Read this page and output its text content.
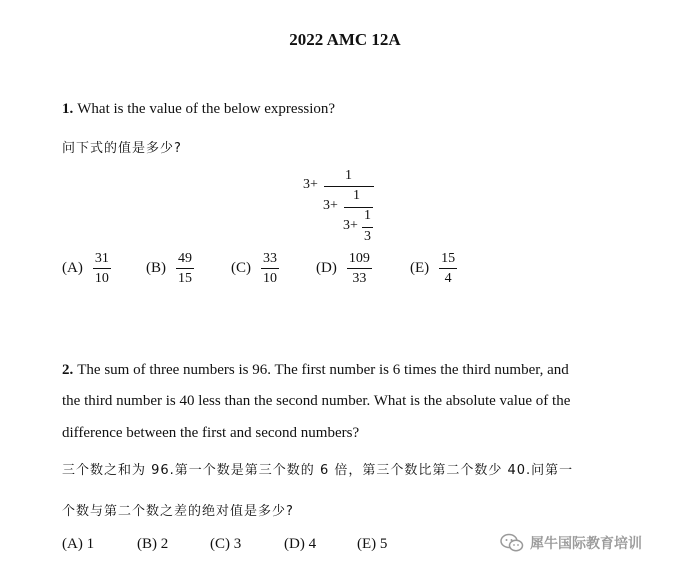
2022 AMC 12A
1. What is the value of the below expression?
问下式的值是多少?
3+
1
3+
1
3+
1
3
$(A) \frac{31}{10} (B) \frac{49}{15} (C) \frac{33}{10} (D) \frac{109}{33}$	$(E) \frac{15}{4}$
2. The sum of three numbers is 96. The first number is 6 times the third number, and
the third number is 40 less than the second number. What is the absolute value of the
difference between the first and second numbers?
三个数之和为 96.第一个数是第三个数的 6 倍，第三个数比第二个数少 40.问第一
个数与第二个数之差的绝对值是多少?
(A) 1	(B) 2	(C) 3	(D) 4	(E) 5	犀牛国际教育培训
